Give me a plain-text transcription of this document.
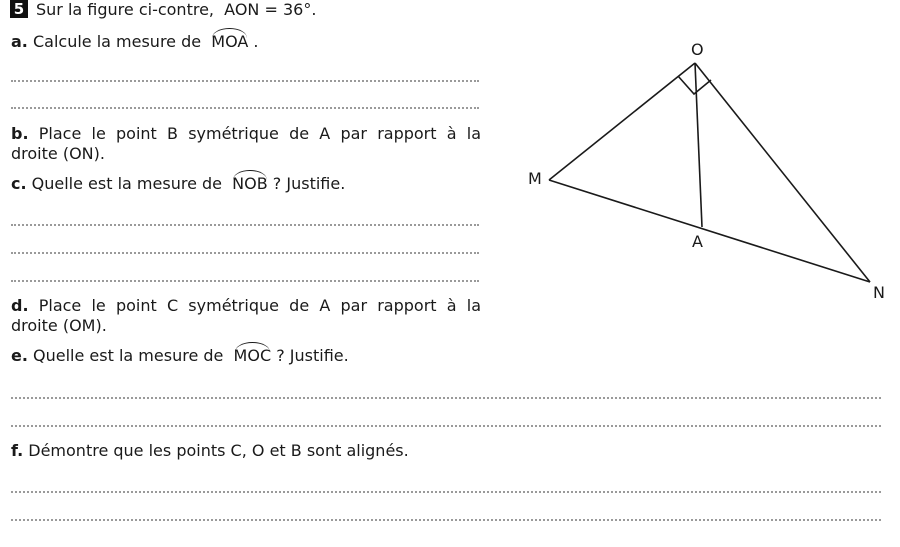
5 Sur la figure ci-contre, AON = 36°.
a. Calcule la mesure de MOA .
b. Place le point B symétrique de A par rapport à la
droite (ON).
c. Quelle est la mesure de NOB ? Justifie.
d. Place le point C symétrique de A par rapport à la
droite (OM).
e. Quelle est la mesure de MOC ? Justifie.
f. Démontre que les points C, O et B sont alignés.
O
M
A
N
